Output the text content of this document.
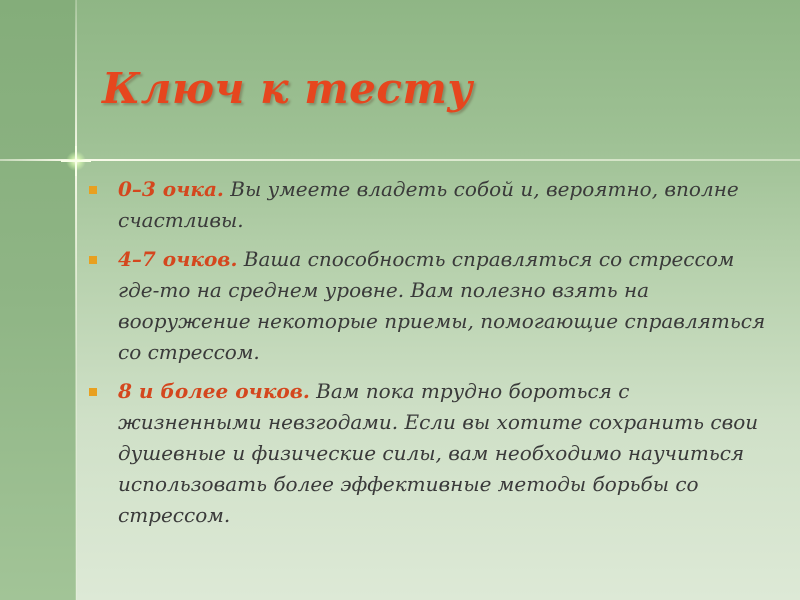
Ключ к тесту
0–3 очка. Вы умеете владеть собой и, вероятно, вполне счастливы.
4–7 очков. Ваша способность справляться со стрессом где-то на среднем уровне. Вам полезно взять на вооружение некоторые приемы, помогающие справляться со стрессом.
8 и более очков. Вам пока трудно бороться с жизненными невзгодами. Если вы хотите сохранить свои душевные и физические силы, вам необходимо научиться использовать более эффективные методы борьбы со стрессом.
